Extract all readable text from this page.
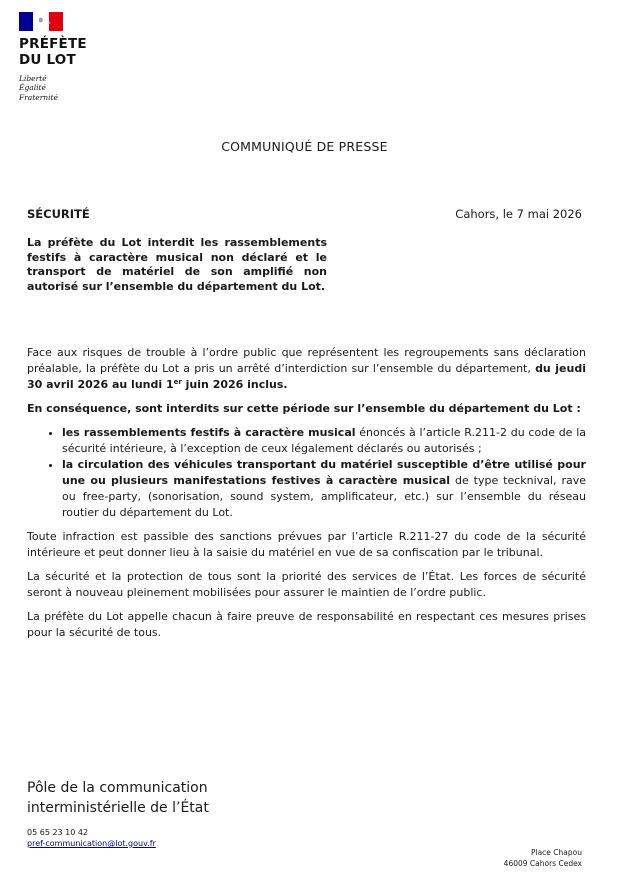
PRÉFÈTE
DU LOT
Liberté
Égalité
Fraternité
COMMUNIQUÉ DE PRESSE
SÉCURITÉ	Cahors, le 7 mai 2026
La préfète du Lot interdit les rassemblements festifs à caractère musical non déclaré et le transport de matériel de son amplifié non autorisé sur l’ensemble du département du Lot.

Face aux risques de trouble à l’ordre public que représentent les regroupements sans déclaration préalable, la préfète du Lot a pris un arrêté d’interdiction sur l’ensemble du département, du jeudi 30 avril 2026 au lundi 1er juin 2026 inclus.

En conséquence, sont interdits sur cette période sur l’ensemble du département du Lot :

• les rassemblements festifs à caractère musical énoncés à l’article R.211-2 du code de la sécurité intérieure, à l’exception de ceux légalement déclarés ou autorisés ;
• la circulation des véhicules transportant du matériel susceptible d’être utilisé pour une ou plusieurs manifestations festives à caractère musical de type tecknival, rave ou free-party, (sonorisation, sound system, amplificateur, etc.) sur l’ensemble du réseau routier du département du Lot.

Toute infraction est passible des sanctions prévues par l’article R.211-27 du code de la sécurité intérieure et peut donner lieu à la saisie du matériel en vue de sa confiscation par le tribunal.

La sécurité et la protection de tous sont la priorité des services de l’État. Les forces de sécurité seront à nouveau pleinement mobilisées pour assurer le maintien de l’ordre public.

La préfète du Lot appelle chacun à faire preuve de responsabilité en respectant ces mesures prises pour la sécurité de tous.

Pôle de la communication
interministérielle de l’État
05 65 23 10 42
pref-communication@lot.gouv.fr
Place Chapou
46009 Cahors Cedex
